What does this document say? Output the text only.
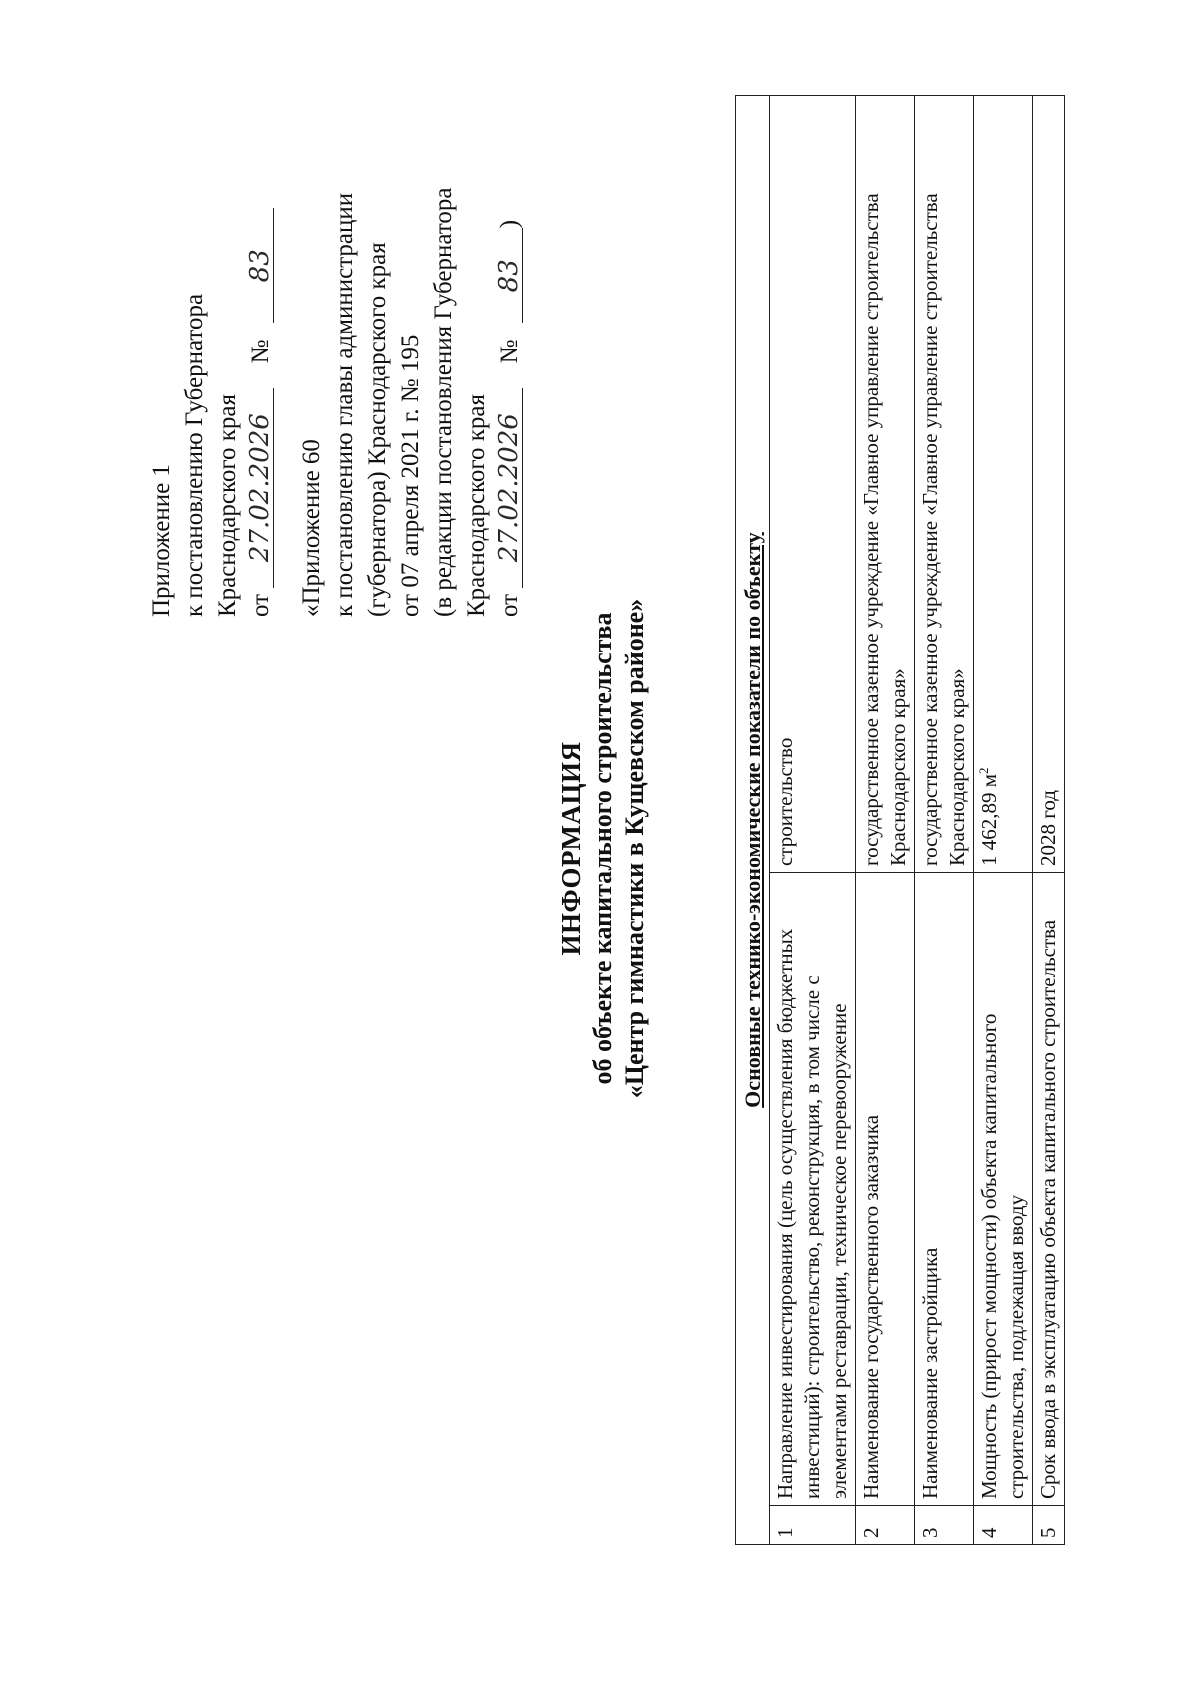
Приложение 1 к постановлению Губернатора Краснодарского края от 27.02.2026 № 83
«Приложение 60 к постановлению главы администрации (губернатора) Краснодарского края от 07 апреля 2021 г. № 195 (в редакции постановления Губернатора Краснодарского края от 27.02.2026 № 83)
ИНФОРМАЦИЯ об объекте капитального строительства «Центр гимнастики в Кущевском районе»	Основные технико-экономические показатели по объекту		
1	Направление инвестирования (цель осуществления бюджетных инвестиций): строительство, реконструкция, в том числе с элементами реставрации, техническое перевооружение	строительство
2	Наименование государственного заказчика	государственное казенное учреждение «Главное управление строительства Краснодарского края»
3	Наименование застройщика	государственное казенное учреждение «Главное управление строительства Краснодарского края»
4	Мощность (прирост мощности) объекта капитального строительства, подлежащая вводу	1 462,89 $м^2$
5	Срок ввода в эксплуатацию объекта капитального строительства	2028 год
